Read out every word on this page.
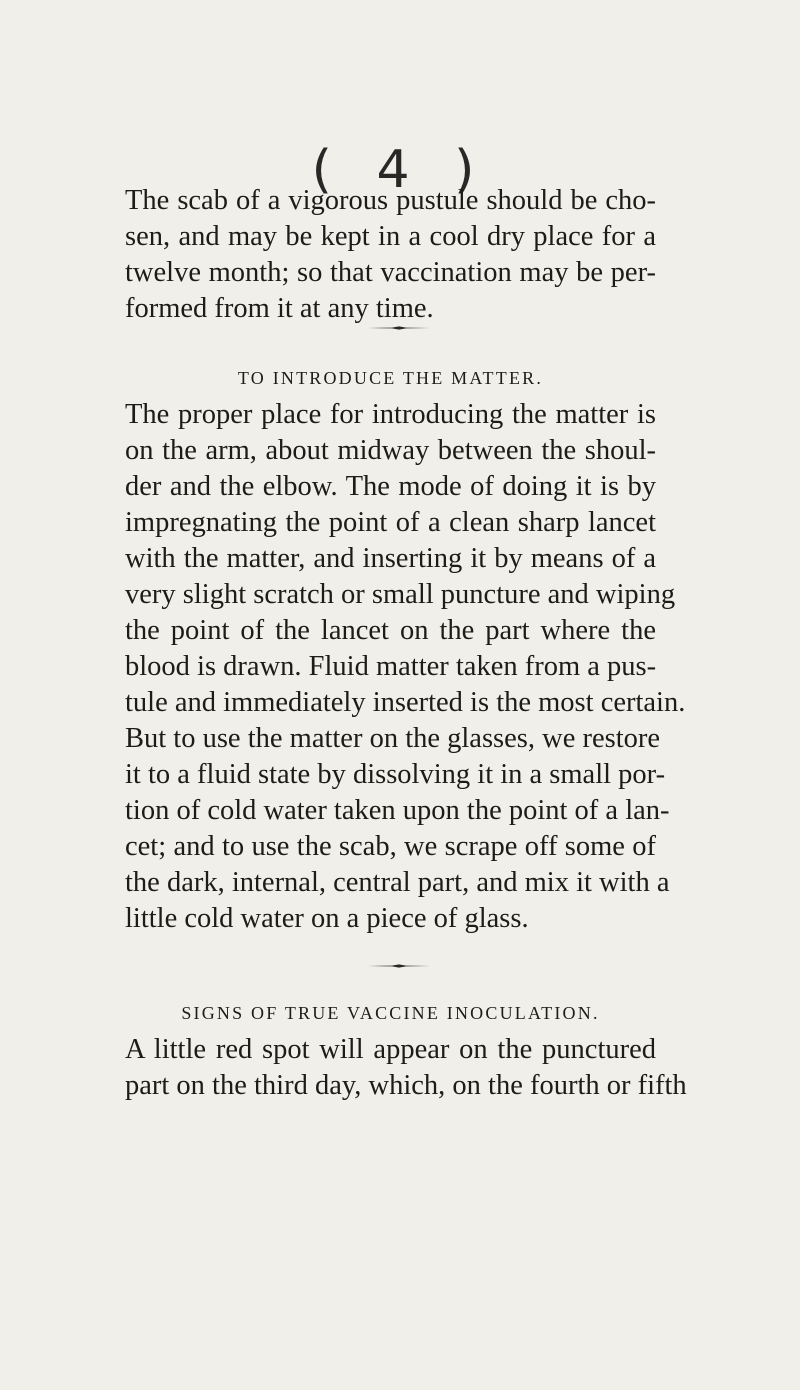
( 4 )
The scab of a vigorous pustule should be cho-
sen, and may be kept in a cool dry place for a
twelve month; so that vaccination may be per-
formed from it at any time.
TO INTRODUCE THE MATTER.
The proper place for introducing the matter is
on the arm, about midway between the shoul-
der and the elbow. The mode of doing it is by
impregnating the point of a clean sharp lancet
with the matter, and inserting it by means of a
very slight scratch or small puncture and wiping
the point of the lancet on the part where the
blood is drawn. Fluid matter taken from a pus-
tule and immediately inserted is the most certain.
But to use the matter on the glasses, we restore
it to a fluid state by dissolving it in a small por-
tion of cold water taken upon the point of a lan-
cet; and to use the scab, we scrape off some of
the dark, internal, central part, and mix it with a
little cold water on a piece of glass.
SIGNS OF TRUE VACCINE INOCULATION.
A little red spot will appear on the punctured
part on the third day, which, on the fourth or fifth
